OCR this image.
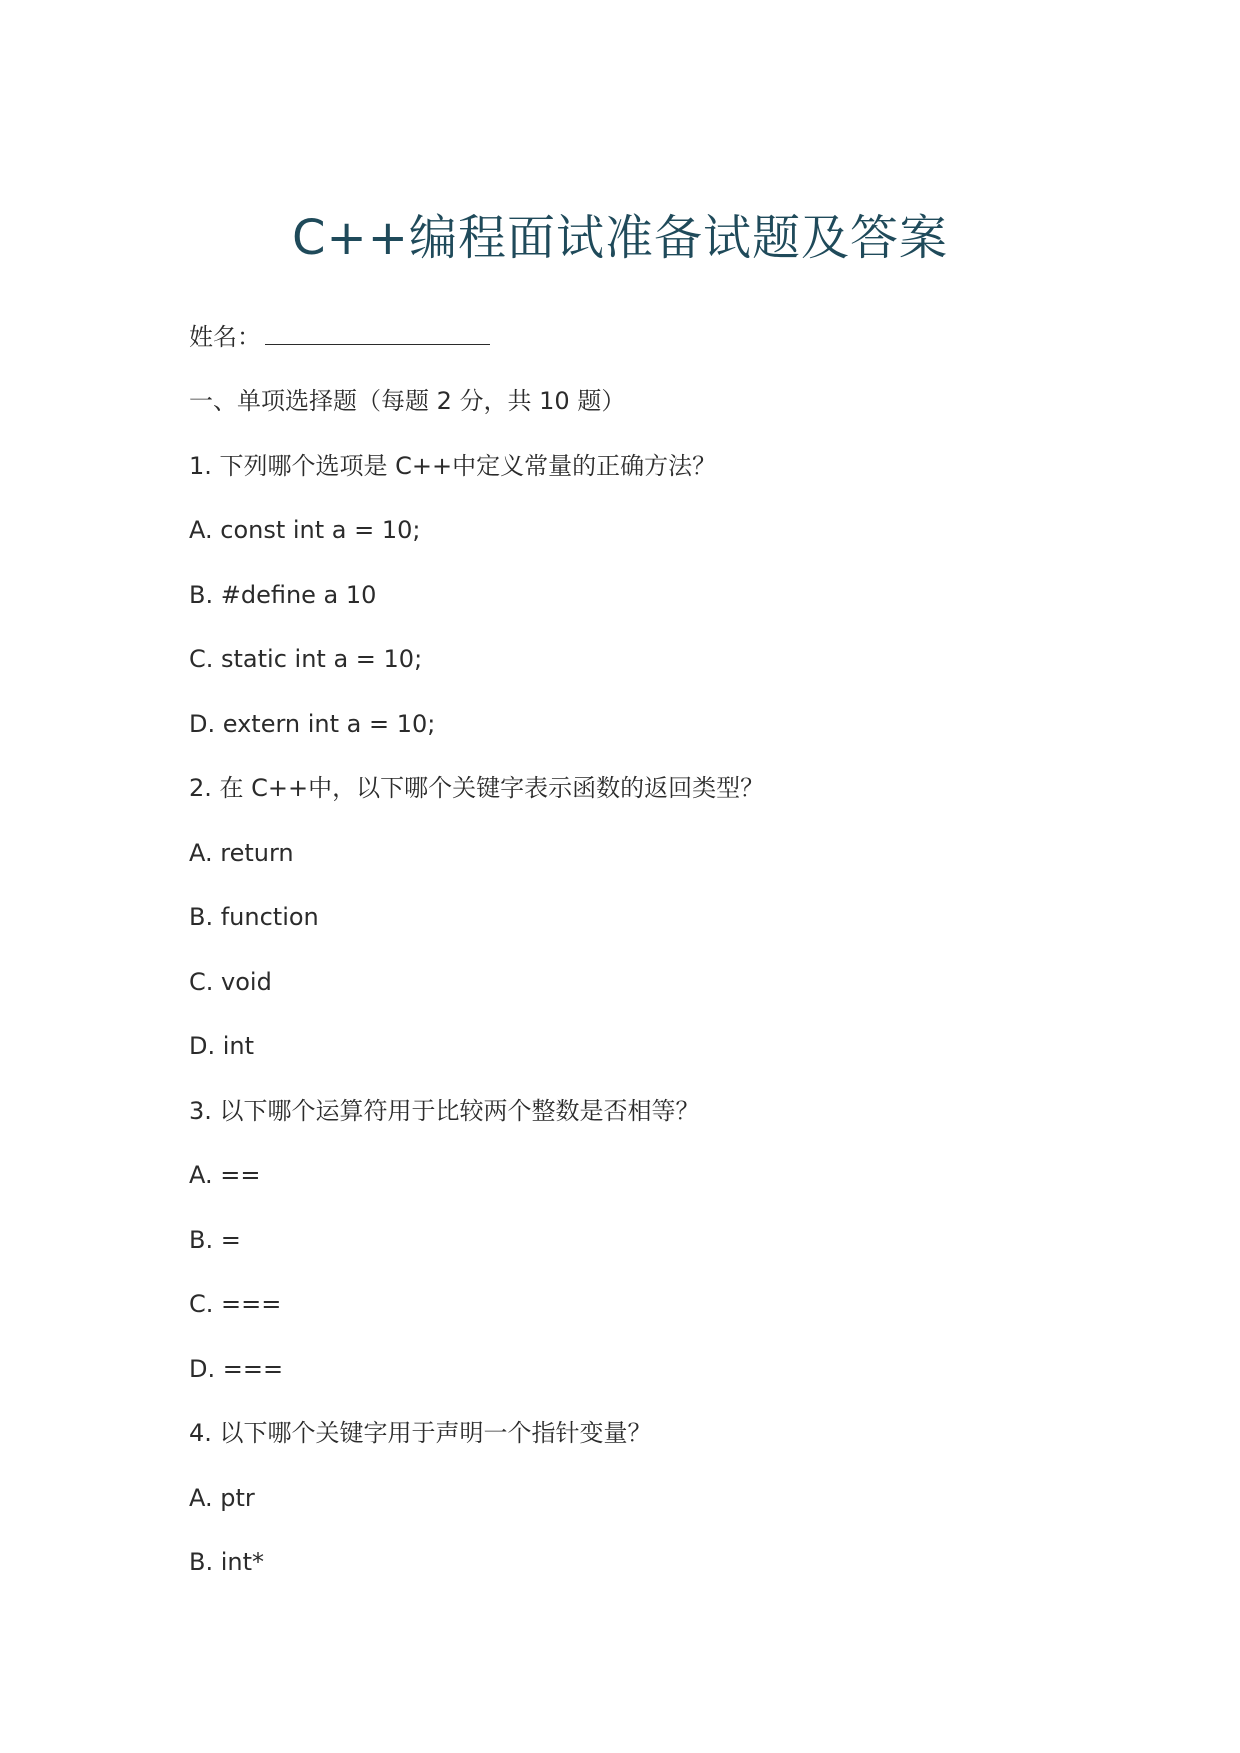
C++编程面试准备试题及答案
姓名：
一、单项选择题（每题 2 分，共 10 题）
1. 下列哪个选项是 C++中定义常量的正确方法？
A. const int a = 10;
B. #define a 10
C. static int a = 10;
D. extern int a = 10;
2. 在 C++中，以下哪个关键字表示函数的返回类型？
A. return
B. function
C. void
D. int
3. 以下哪个运算符用于比较两个整数是否相等？
A. ==
B. =
C. ===
D. ===
4. 以下哪个关键字用于声明一个指针变量？
A. ptr
B. int*
